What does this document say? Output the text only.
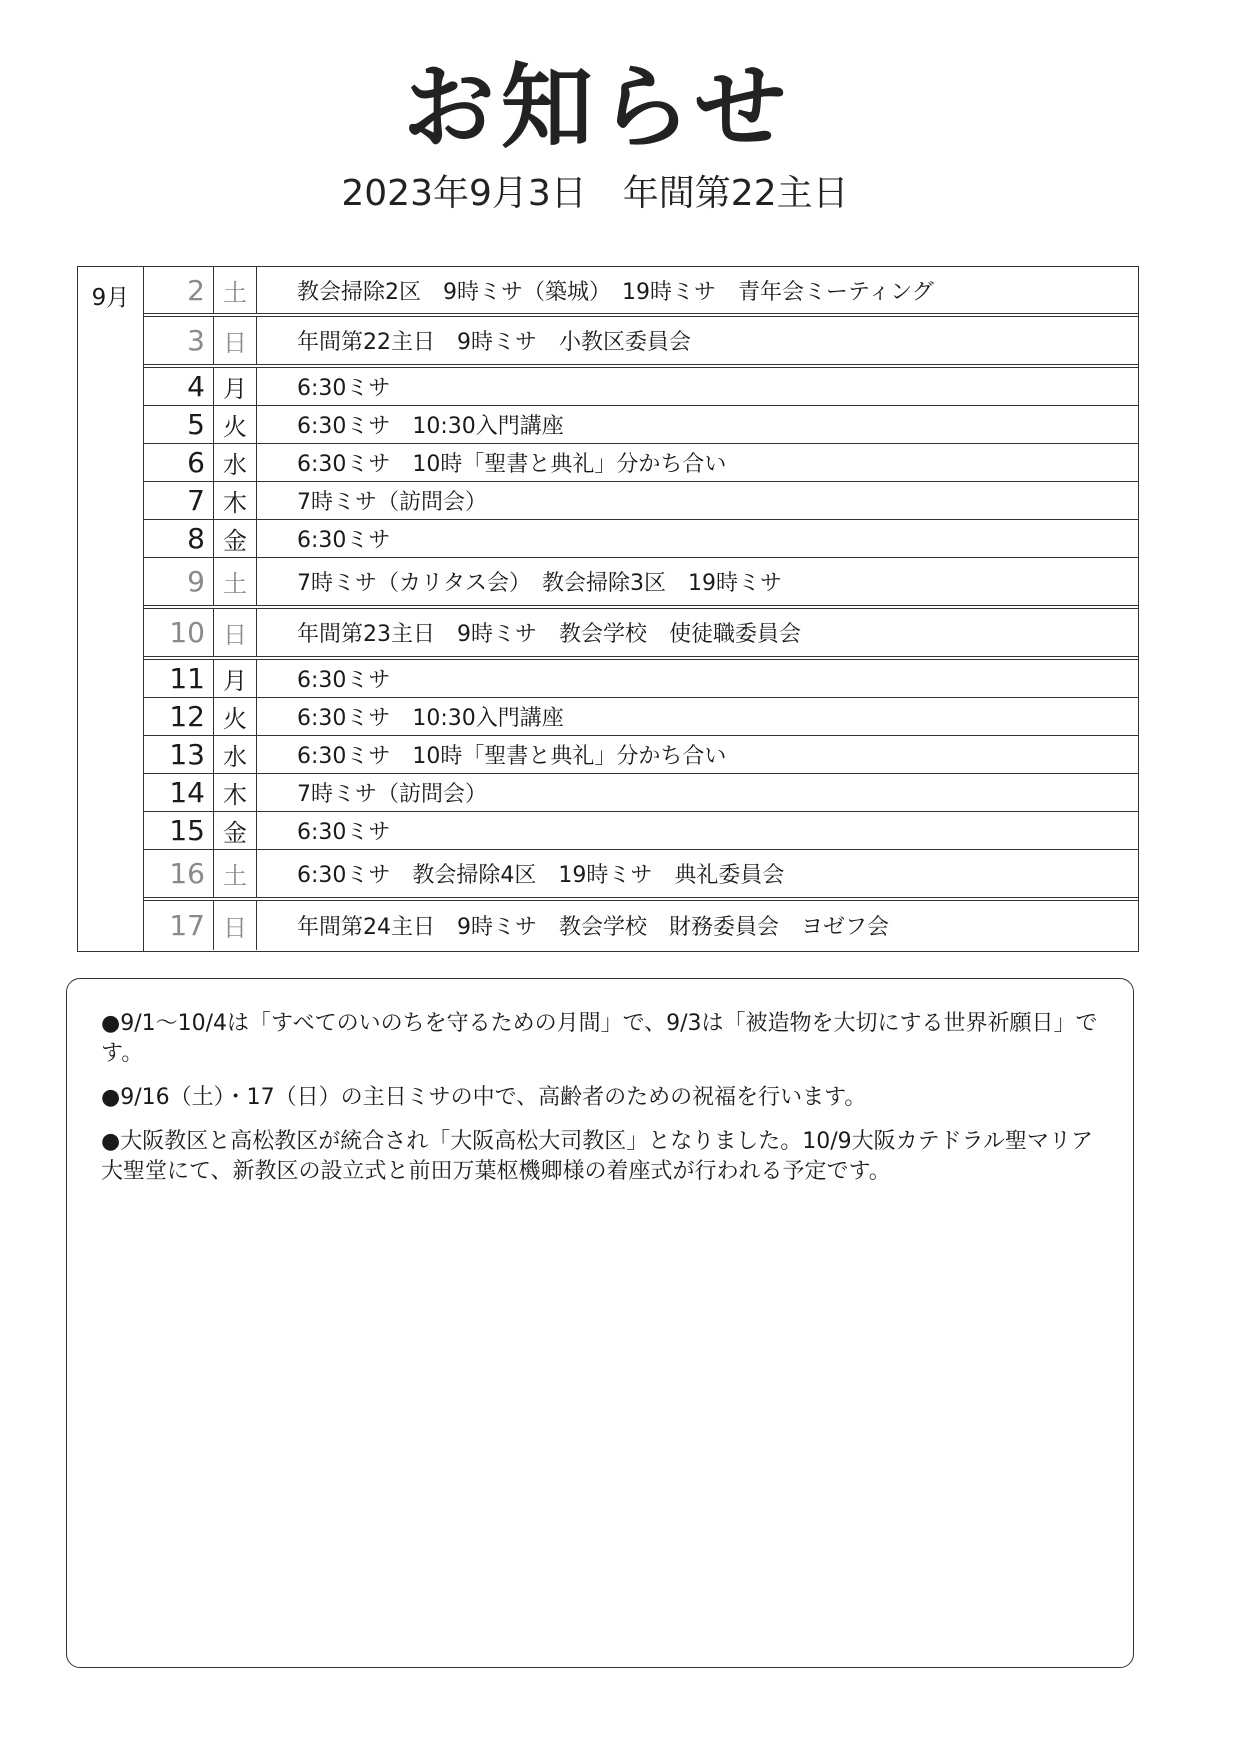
お知らせ
2023年9月3日　年間第22主日
9月	2 土	教会掃除2区　9時ミサ（築城）　19時ミサ　青年会ミーティング
3 日	年間第22主日　9時ミサ　小教区委員会
4 月	6:30ミサ
5 火	6:30ミサ　10:30入門講座
6 水	6:30ミサ　10時「聖書と典礼」分かち合い
7 木	7時ミサ（訪問会）
8 金	6:30ミサ
9 土	7時ミサ（カリタス会）　教会掃除3区　19時ミサ
10 日	年間第23主日　9時ミサ　教会学校　使徒職委員会
11 月	6:30ミサ
12 火	6:30ミサ　10:30入門講座
13 水	6:30ミサ　10時「聖書と典礼」分かち合い
14 木	7時ミサ（訪問会）
15 金	6:30ミサ
16 土	6:30ミサ　教会掃除4区　19時ミサ　典礼委員会
17 日	年間第24主日　9時ミサ　教会学校　財務委員会　ヨゼフ会
●9/1～10/4は「すべてのいのちを守るための月間」で、9/3は「被造物を大切にする世界祈願日」です。
●9/16（土）・17（日）の主日ミサの中で、高齢者のための祝福を行います。
●大阪教区と高松教区が統合され「大阪高松大司教区」となりました。10/9大阪カテドラル聖マリア大聖堂にて、新教区の設立式と前田万葉枢機卿様の着座式が行われる予定です。
